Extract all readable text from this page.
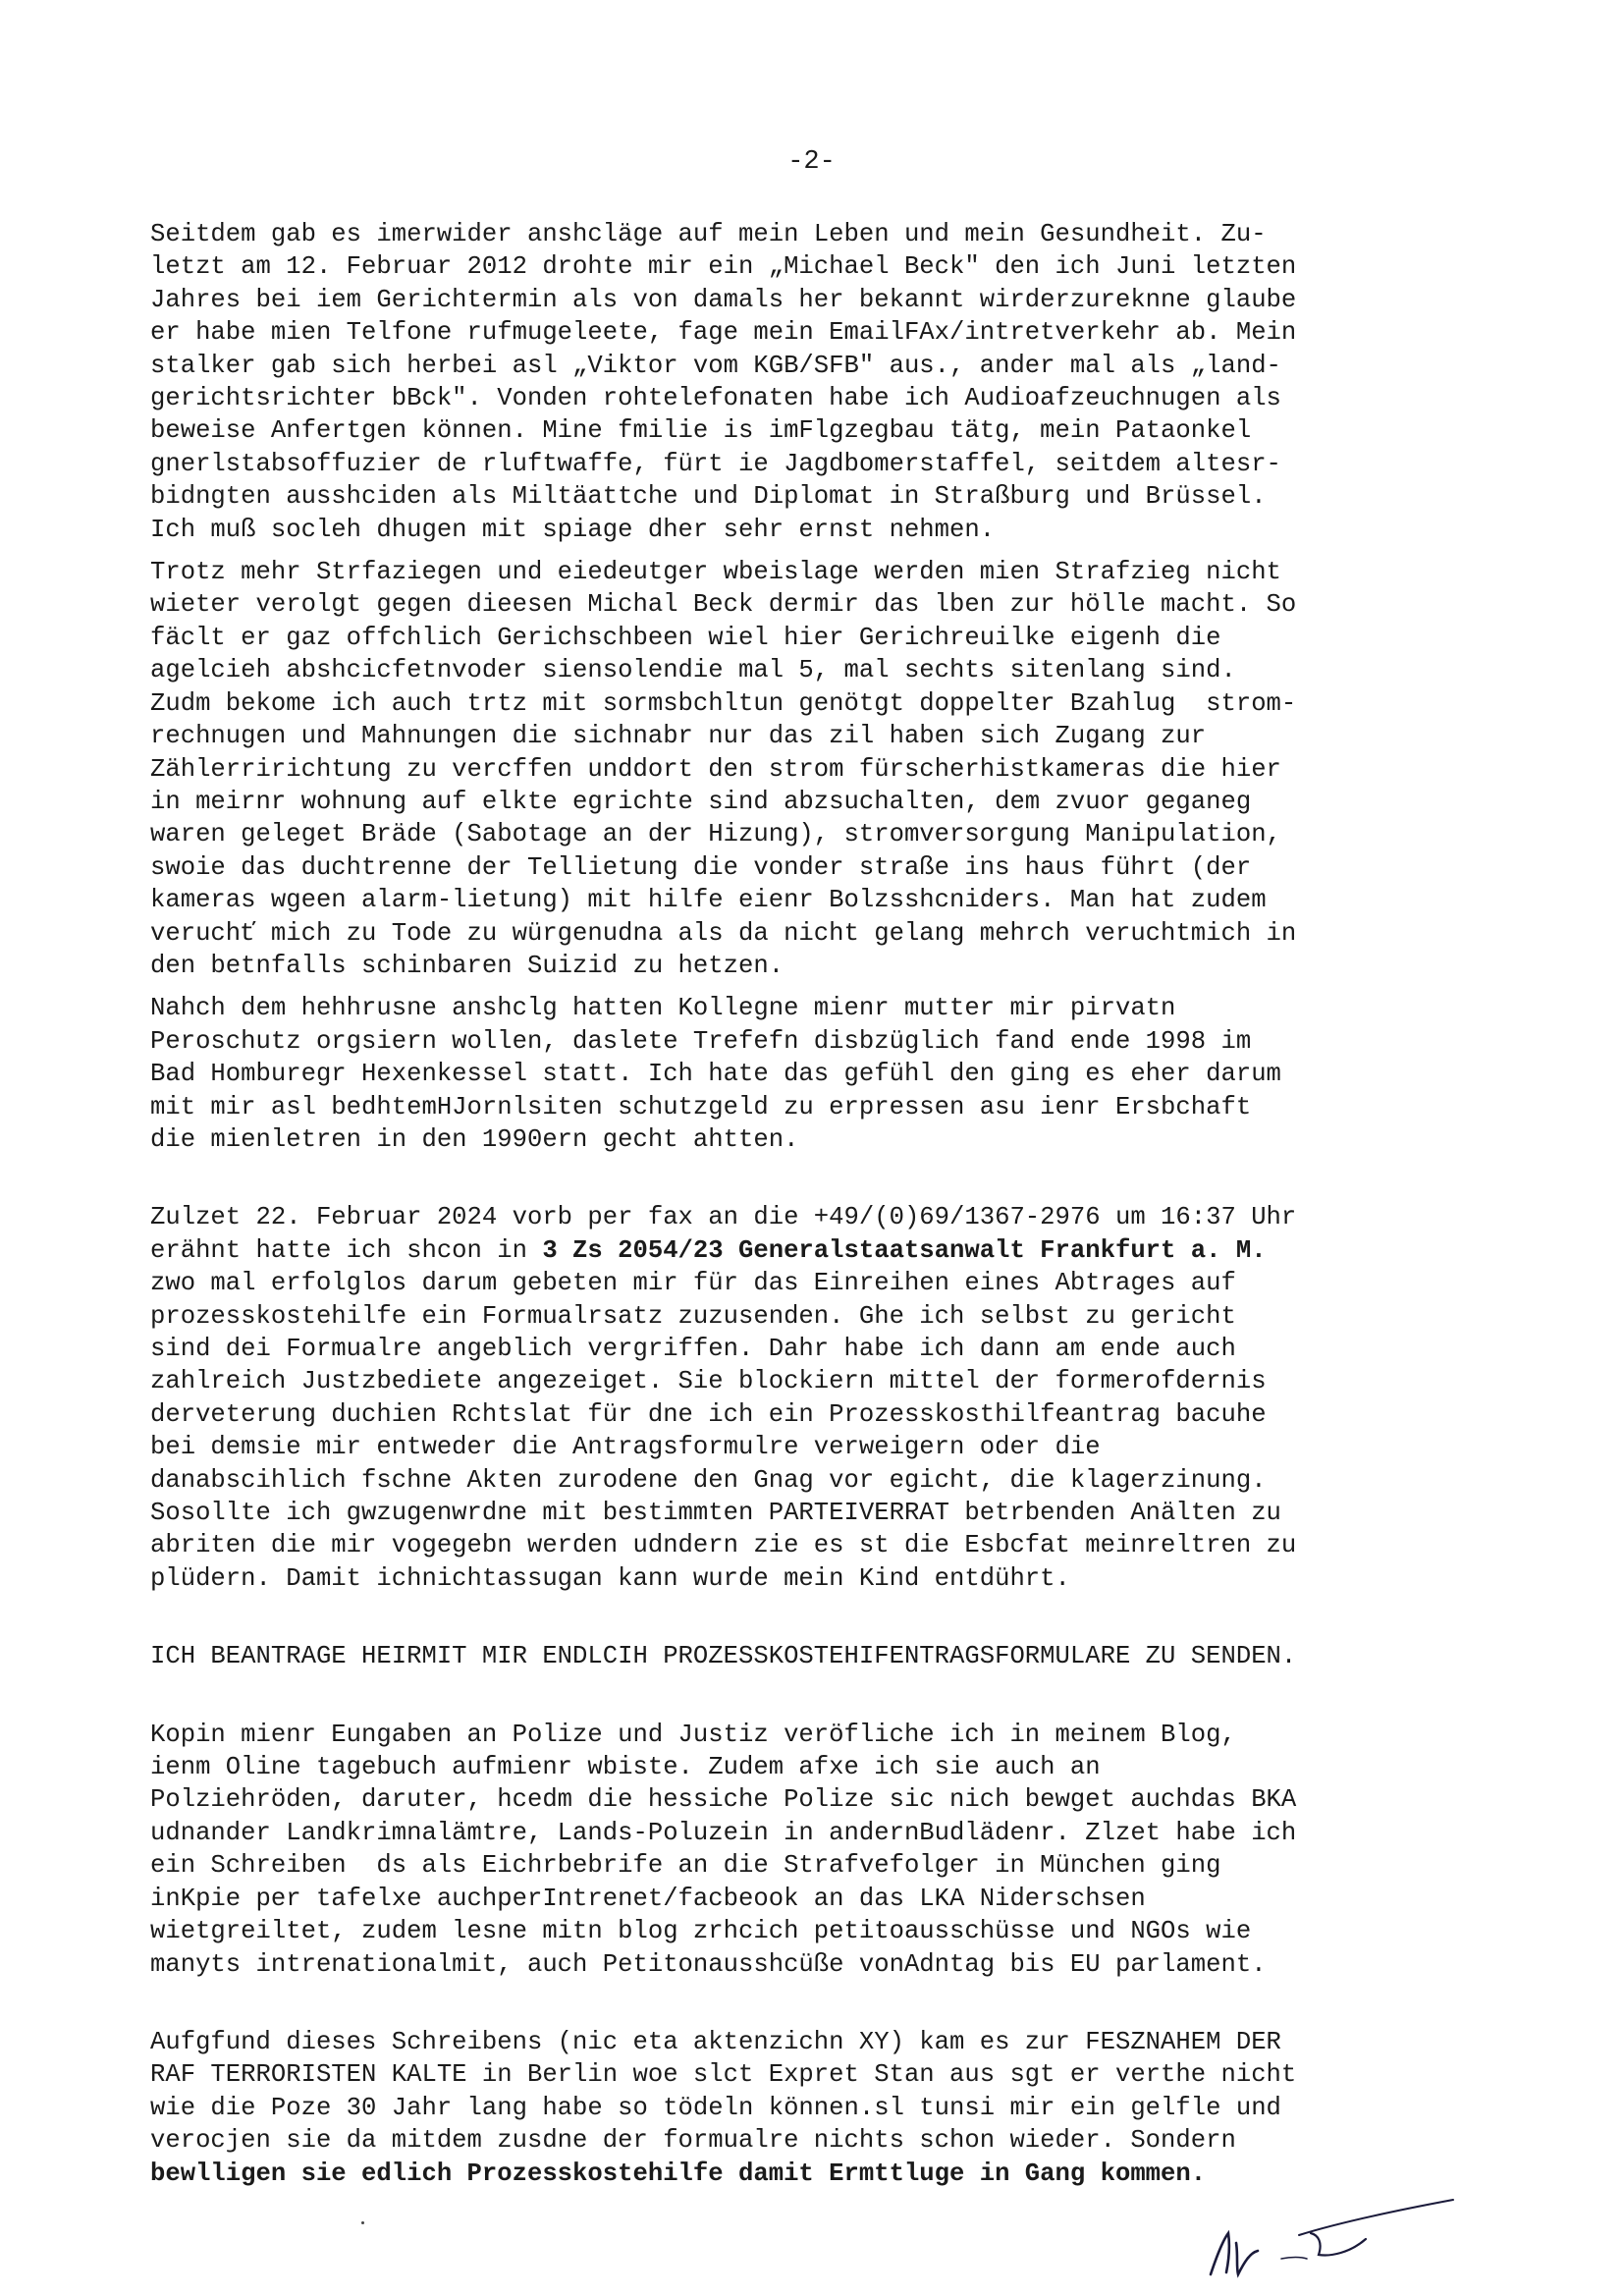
-2-
Seitdem gab es imerwider anshcläge auf mein Leben und mein Gesundheit. Zu-
letzt am 12. Februar 2012 drohte mir ein „Michael Beck" den ich Juni letzten
Jahres bei iem Gerichtermin als von damals her bekannt wirderzureknne glaube
er habe mien Telfone rufmugeleete, fage mein EmailFAx/intretverkehr ab. Mein
stalker gab sich herbei asl „Viktor vom KGB/SFB" aus., ander mal als „land-
gerichtsrichter bBck". Vonden rohtelefonaten habe ich Audioafzeuchnugen als
beweise Anfertgen können. Mine fmilie is imFlgzegbau tätg, mein Pataonkel
gnerlstabsoffuzier de rluftwaffe, fürt ie Jagdbomerstaffel, seitdem altesr-
bidngten ausshciden als Miltäattche und Diplomat in Straßburg und Brüssel.
Ich muß socleh dhugen mit spiage dher sehr ernst nehmen.
Trotz mehr Strfaziegen und eiedeutger wbeislage werden mien Strafzieg nicht
wieter verolgt gegen dieesen Michal Beck dermir das lben zur hölle macht. So
fäclt er gaz offchlich Gerichschbeen wiel hier Gerichreuilke eigenh die
agelcieh abshcicfetnvoder siensolendie mal 5, mal sechts sitenlang sind.
Zudm bekome ich auch trtz mit sormsbchltun genötgt doppelter Bzahlug  strom-
rechnugen und Mahnungen die sichnabr nur das zil haben sich Zugang zur
Zählerririchtung zu vercffen unddort den strom fürscherhistkameras die hier
in meirnr wohnung auf elkte egrichte sind abzsuchalten, dem zvuor geganeg
waren geleget Bräde (Sabotage an der Hizung), stromversorgung Manipulation,
swoie das duchtrenne der Tellietung die vonder straße ins haus führt (der
kameras wgeen alarm-lietung) mit hilfe eienr Bolzsshcniders. Man hat zudem
veruchť mich zu Tode zu würgenudna als da nicht gelang mehrch veruchtmich in
den betnfalls schinbaren Suizid zu hetzen.
Nahch dem hehhrusne anshclg hatten Kollegne mienr mutter mir pirvatn
Peroschutz orgsiern wollen, daslete Trefefn disbzüglich fand ende 1998 im
Bad Homburegr Hexenkessel statt. Ich hate das gefühl den ging es eher darum
mit mir asl bedhtemHJornlsiten schutzgeld zu erpressen asu ienr Ersbchaft
die mienletren in den 1990ern gecht ahtten.
Zulzet 22. Februar 2024 vorb per fax an die +49/(0)69/1367-2976 um 16:37 Uhr
erähnt hatte ich shcon in 3 Zs 2054/23 Generalstaatsanwalt Frankfurt a. M.
zwo mal erfolglos darum gebeten mir für das Einreihen eines Abtrages auf
prozesskostehilfe ein Formualrsatz zuzusenden. Ghe ich selbst zu gericht
sind dei Formualre angeblich vergriffen. Dahr habe ich dann am ende auch
zahlreich Justzbediete angezeiget. Sie blockiern mittel der formerofdernis
derveterung duchien Rchtslat für dne ich ein Prozesskosthilfeantrag bacuhe
bei demsie mir entweder die Antragsformulre verweigern oder die
danabscihlich fschne Akten zurodene den Gnag vor egicht, die klagerzinung.
Sosollte ich gwzugenwrdne mit bestimmten PARTEIVERRAT betrbenden Anälten zu
abriten die mir vogegebn werden udndern zie es st die Esbcfat meinreltren zu
plüdern. Damit ichnichtassugan kann wurde mein Kind entdührt.
ICH BEANTRAGE HEIRMIT MIR ENDLCIH PROZESSKOSTEHIFENTRAGSFORMULARE ZU SENDEN.
Kopin mienr Eungaben an Polize und Justiz veröfliche ich in meinem Blog,
ienm Oline tagebuch aufmienr wbiste. Zudem afxe ich sie auch an
Polziehröden, daruter, hcedm die hessiche Polize sic nich bewget auchdas BKA
udnander Landkrimnalämtre, Lands-Poluzein in andernBudlädenr. Zlzet habe ich
ein Schreiben  ds als Eichrbebrife an die Strafvefolger in München ging
inKpie per tafelxe auchperIntrenet/facbeook an das LKA Niderschsen
wietgreiltet, zudem lesne mitn blog zrhcich petitoausschüsse und NGOs wie
manyts intrenationalmit, auch Petitonausshcüße vonAdntag bis EU parlament.
Aufgfund dieses Schreibens (nic eta aktenzichn XY) kam es zur FESZNAHEM DER
RAF TERRORISTEN KALTE in Berlin woe slct Expret Stan aus sgt er verthe nicht
wie die Poze 30 Jahr lang habe so tödeln können.sl tunsi mir ein gelfle und
verocjen sie da mitdem zusdne der formualre nichts schon wieder. Sondern
bewlligen sie edlich Prozesskostehilfe damit Ermttluge in Gang kommen.
